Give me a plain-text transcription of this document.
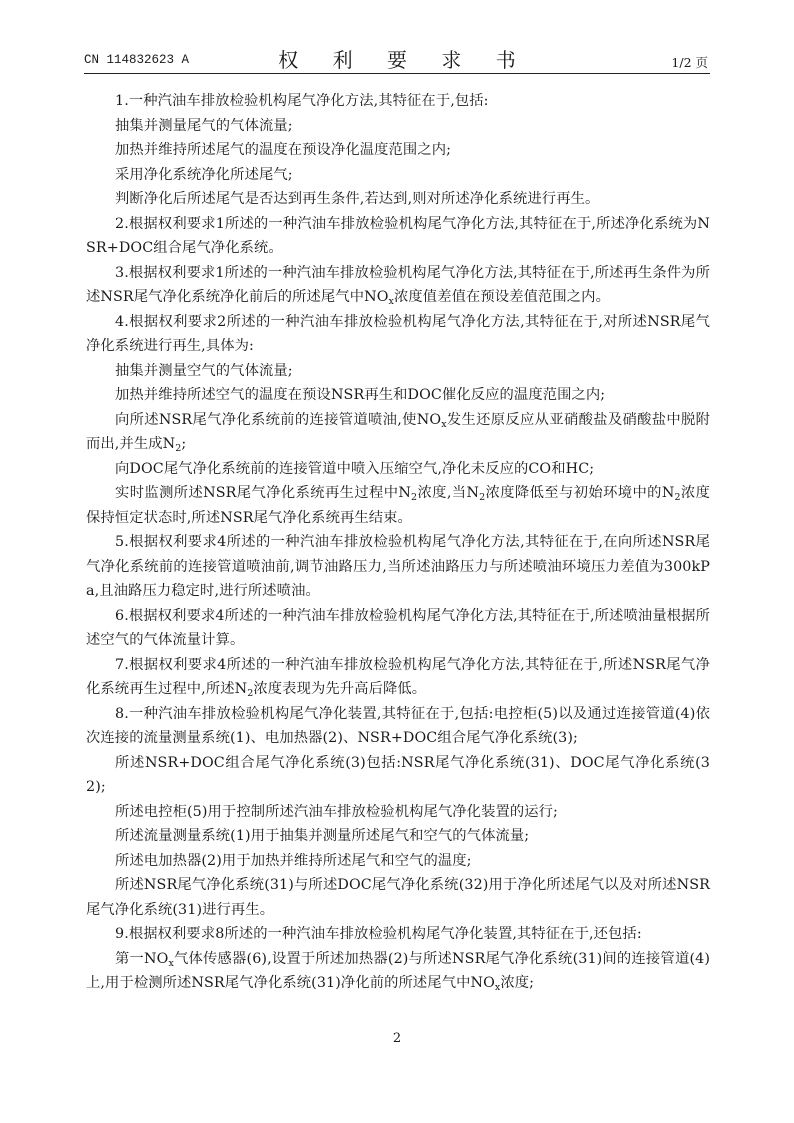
CN 114832623 A	权 利 要 求 书	1/2 页

1.一种汽油车排放检验机构尾气净化方法,其特征在于,包括:

抽集并测量尾气的气体流量;

加热并维持所述尾气的温度在预设净化温度范围之内;

采用净化系统净化所述尾气;

判断净化后所述尾气是否达到再生条件,若达到,则对所述净化系统进行再生。

2.根据权利要求1所述的一种汽油车排放检验机构尾气净化方法,其特征在于,所述净化系统为NSR+DOC组合尾气净化系统。

3.根据权利要求1所述的一种汽油车排放检验机构尾气净化方法,其特征在于,所述再生条件为所述NSR尾气净化系统净化前后的所述尾气中$NO_x$浓度值差值在预设差值范围之内。

4.根据权利要求2所述的一种汽油车排放检验机构尾气净化方法,其特征在于,对所述NSR尾气净化系统进行再生,具体为:

抽集并测量空气的气体流量;

加热并维持所述空气的温度在预设NSR再生和DOC催化反应的温度范围之内;

向所述NSR尾气净化系统前的连接管道喷油,使$NO_x$发生还原反应从亚硝酸盐及硝酸盐中脱附而出,并生成$N_2$;

向DOC尾气净化系统前的连接管道中喷入压缩空气,净化未反应的CO和HC;

实时监测所述NSR尾气净化系统再生过程中$N_2$浓度,当$N_2$浓度降低至与初始环境中的$N_2$浓度保持恒定状态时,所述NSR尾气净化系统再生结束。

5.根据权利要求4所述的一种汽油车排放检验机构尾气净化方法,其特征在于,在向所述NSR尾气净化系统前的连接管道喷油前,调节油路压力,当所述油路压力与所述喷油环境压力差值为300kPa,且油路压力稳定时,进行所述喷油。

6.根据权利要求4所述的一种汽油车排放检验机构尾气净化方法,其特征在于,所述喷油量根据所述空气的气体流量计算。

7.根据权利要求4所述的一种汽油车排放检验机构尾气净化方法,其特征在于,所述NSR尾气净化系统再生过程中,所述$N_2$浓度表现为先升高后降低。

8.一种汽油车排放检验机构尾气净化装置,其特征在于,包括:电控柜(5)以及通过连接管道(4)依次连接的流量测量系统(1)、电加热器(2)、NSR+DOC组合尾气净化系统(3);

所述NSR+DOC组合尾气净化系统(3)包括:NSR尾气净化系统(31)、DOC尾气净化系统(32);

所述电控柜(5)用于控制所述汽油车排放检验机构尾气净化装置的运行;

所述流量测量系统(1)用于抽集并测量所述尾气和空气的气体流量;

所述电加热器(2)用于加热并维持所述尾气和空气的温度;

所述NSR尾气净化系统(31)与所述DOC尾气净化系统(32)用于净化所述尾气以及对所述NSR尾气净化系统(31)进行再生。

9.根据权利要求8所述的一种汽油车排放检验机构尾气净化装置,其特征在于,还包括:

第一$NO_x$气体传感器(6),设置于所述加热器(2)与所述NSR尾气净化系统(31)间的连接管道(4)上,用于检测所述NSR尾气净化系统(31)净化前的所述尾气中$NO_x$浓度;

2
